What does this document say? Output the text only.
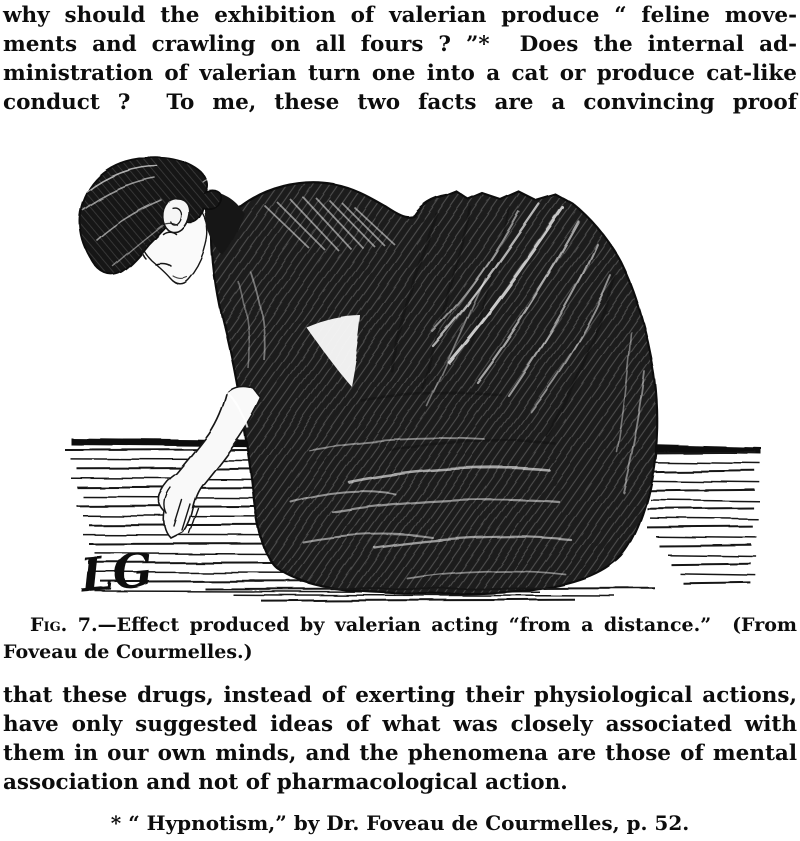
why should the exhibition of valerian produce “ feline move-
ments and crawling on all fours ? ”*  Does the internal ad-
ministration of valerian turn one into a cat or produce cat-like
conduct ?  To me, these two facts are a convincing proof
LG
Fig. 7.—Effect produced by valerian acting “from a distance.”  (From
Foveau de Courmelles.)
that these drugs, instead of exerting their physiological actions,
have only suggested ideas of what was closely associated with
them in our own minds, and the phenomena are those of mental
association and not of pharmacological action.
* “ Hypnotism,” by Dr. Foveau de Courmelles, p. 52.
